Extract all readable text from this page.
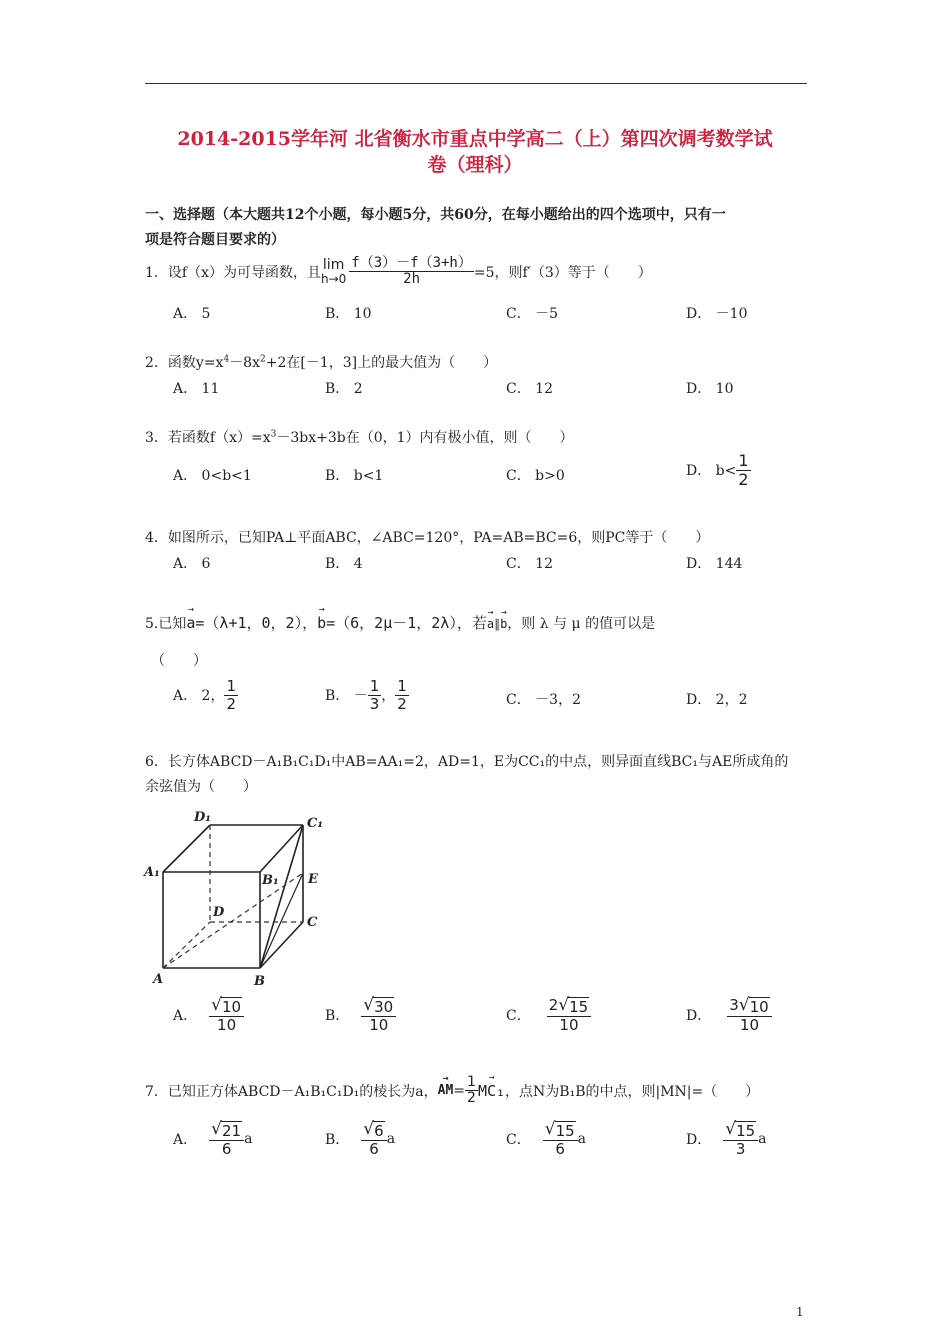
2014-2015学年河 北省衡水市重点中学高二（上）第四次调考数学试
卷（理科）
一、选择题（本大题共12个小题，每小题5分，共60分，在每小题给出的四个选项中，只有一
项是符合题目要求的）
1．设f（x）为可导函数，且 lim
$h\to 0 \frac{f(3)-f(3+h)}{2h} =5$，则f′（3）等于（　　）
A． 5	B． 10	C． －5	D． －10
2．函数$y=x^4-8x^2+2$在[－1，3]上的最大值为（　　）
A． 11	B． 2	C． 12	D． 10
3．若函数$f(x)=x^3-3bx+3b$在（0，1）内有极小值，则（　　）
A． 0<b<1	B． b<1	C． b>0	D． $b< \frac{1}{2}$
4．如图所示，已知PA⊥平面ABC，∠ABC=120°，PA=AB=BC=6，则PC等于（　　）
A． 6	B． 4	C． 12	D． 144
5.已知→ a=（λ+1，0，2），→ b=（6，2μ－1，2λ），若→ a∥→ b，则 λ 与 μ 的值可以是
（　　）
A． 2， $\frac{1}{2}$	B． － $\frac{1}{3}$ ， $\frac{1}{2}$	C． －3，2	D． 2，2
6．长方体ABCD－A₁B₁C₁D₁中AB=AA₁=2，AD=1，E为CC₁的中点，则异面直线BC₁与AE所成角的
余弦值为（　　）
D₁	C₁
A₁
B₁ E
D
C
A	B
A． $\frac{√ 10}{10}$	B． $\frac{√ 30}{10}$	C． $\frac{2 √ 15}{10}$	D． $\frac{3 √ 10}{10}$
7．已知正方体ABCD－A₁B₁C₁D₁的棱长为a，
→ AM = $\frac{1}{2}$
→ MC₁ ，点N为B₁B的中点，则|MN|=（　　）
A． $\frac{√ 21}{6}$ a	B． $\frac{√ 6}{6}$ a	C． $\frac{√ 15}{6}$ a	D． $\frac{√ 15}{3}$ a
1
